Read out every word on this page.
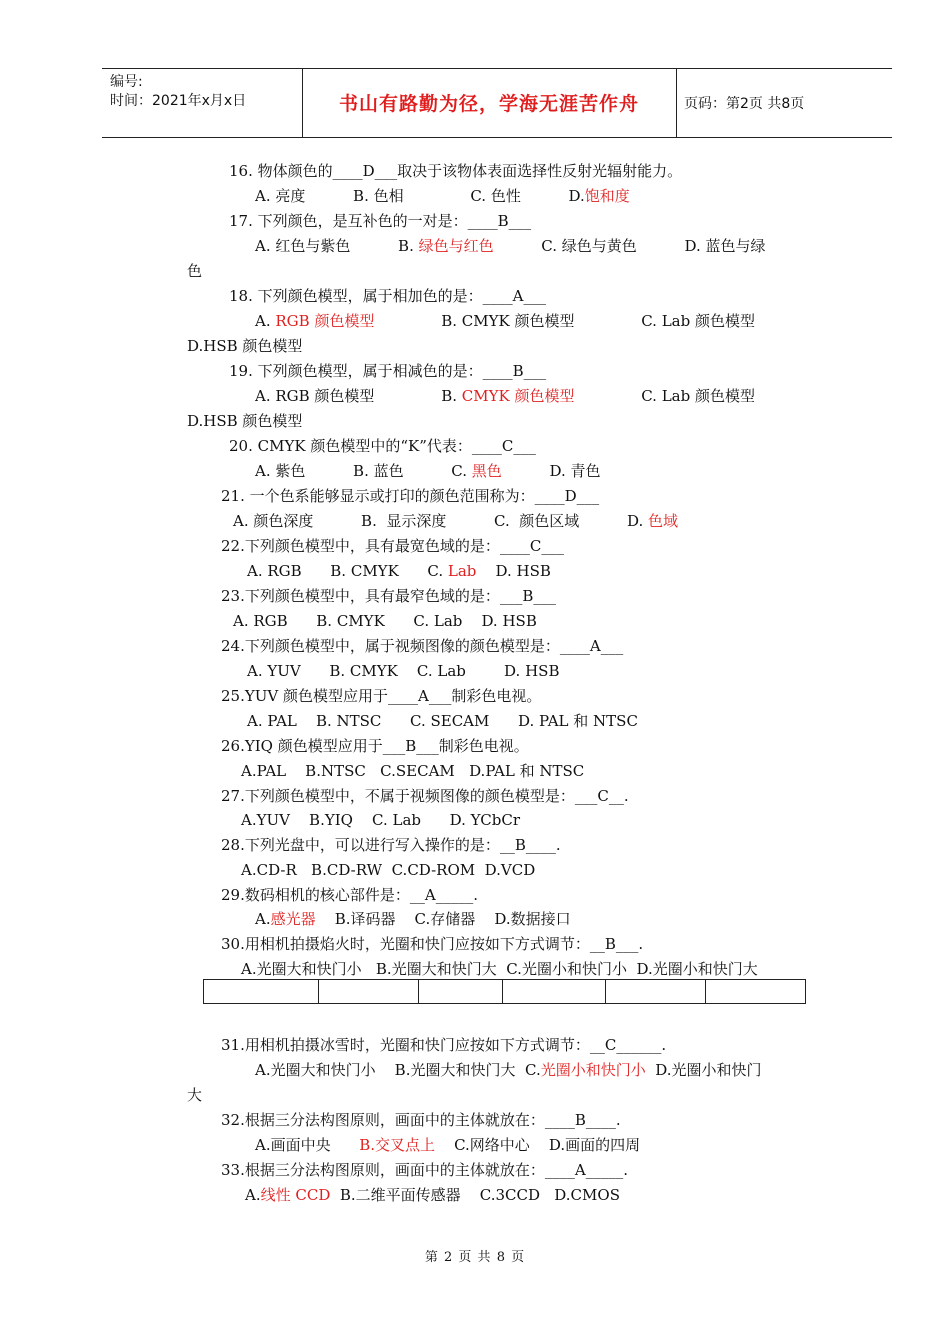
编号:
时间：2021年x月x日	书山有路勤为径，学海无涯苦作舟	页码：第2页 共8页
16. 物体颜色的____D___取决于该物体表面选择性反射光辐射能力。
A. 亮度          B. 色相              C. 色性          D.饱和度
17. 下列颜色，是互补色的一对是：____B___
A. 红色与紫色          B. 绿色与红色          C. 绿色与黄色          D. 蓝色与绿
色
18. 下列颜色模型，属于相加色的是：____A___
A. RGB 颜色模型              B. CMYK 颜色模型              C. Lab 颜色模型
D.HSB 颜色模型
19. 下列颜色模型，属于相减色的是：____B___
A. RGB 颜色模型              B. CMYK 颜色模型              C. Lab 颜色模型
D.HSB 颜色模型
20. CMYK 颜色模型中的“K”代表：____C___
A. 紫色          B. 蓝色          C. 黑色          D. 青色
21. 一个色系能够显示或打印的颜色范围称为：____D___
A. 颜色深度          B.  显示深度          C.  颜色区域          D. 色域
22.下列颜色模型中，具有最宽色域的是：____C___
A. RGB      B. CMYK      C. Lab    D. HSB
23.下列颜色模型中，具有最窄色域的是：___B___
A. RGB      B. CMYK      C. Lab    D. HSB
24.下列颜色模型中，属于视频图像的颜色模型是：____A___
A. YUV      B. CMYK    C. Lab        D. HSB
25.YUV 颜色模型应用于____A___制彩色电视。
A. PAL    B. NTSC      C. SECAM      D. PAL 和 NTSC
26.YIQ 颜色模型应用于___B___制彩色电视。
A.PAL    B.NTSC   C.SECAM   D.PAL 和 NTSC
27.下列颜色模型中，不属于视频图像的颜色模型是：___C__.
A.YUV    B.YIQ    C. Lab      D. YCbCr
28.下列光盘中，可以进行写入操作的是：__B____.
A.CD-R   B.CD-RW  C.CD-ROM  D.VCD
29.数码相机的核心部件是：__A_____.
A.感光器    B.译码器    C.存储器    D.数据接口
30.用相机拍摄焰火时，光圈和快门应按如下方式调节：__B___.
A.光圈大和快门小   B.光圈大和快门大  C.光圈小和快门小  D.光圈小和快门大
31.用相机拍摄冰雪时，光圈和快门应按如下方式调节：__C______.
A.光圈大和快门小    B.光圈大和快门大  C.光圈小和快门小  D.光圈小和快门
大
32.根据三分法构图原则，画面中的主体就放在：____B____.
A.画面中央      B.交叉点上    C.网络中心    D.画面的四周
33.根据三分法构图原则，画面中的主体就放在：____A_____.
A.线性 CCD  B.二维平面传感器    C.3CCD   D.CMOS
第 2 页 共 8 页
